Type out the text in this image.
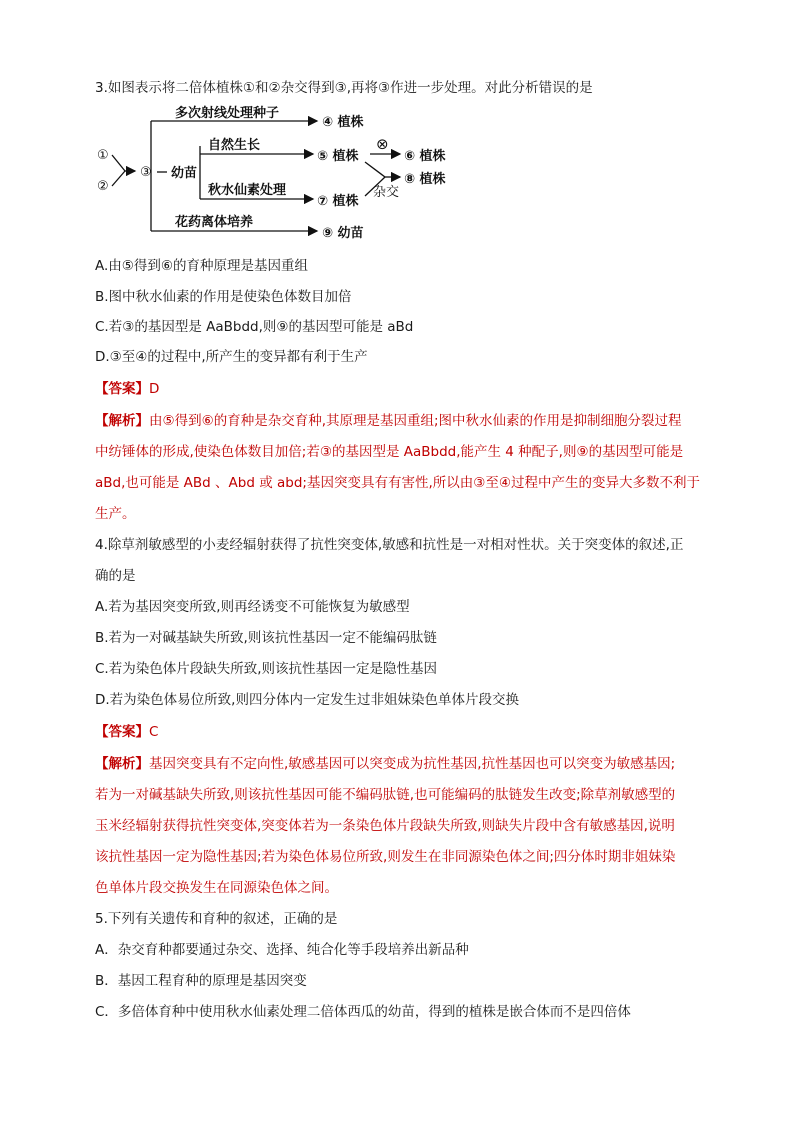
3.如图表示将二倍体植株①和②杂交得到③,再将③作进一步处理。对此分析错误的是
①
②
③ 幼苗
多次射线处理种子
④ 植株
自然生长
⑤ 植株
⊗
⑥ 植株
秋水仙素处理
⑦ 植株
杂交
⑧ 植株
花药离体培养
⑨ 幼苗
A.由⑤得到⑥的育种原理是基因重组
B.图中秋水仙素的作用是使染色体数目加倍
C.若③的基因型是 AaBbdd,则⑨的基因型可能是 aBd
D.③至④的过程中,所产生的变异都有利于生产
【答案】D
【解析】由⑤得到⑥的育种是杂交育种,其原理是基因重组;图中秋水仙素的作用是抑制细胞分裂过程
中纺锤体的形成,使染色体数目加倍;若③的基因型是 AaBbdd,能产生 4 种配子,则⑨的基因型可能是
aBd,也可能是 ABd 、Abd 或 abd;基因突变具有有害性,所以由③至④过程中产生的变异大多数不利于
生产。
4.除草剂敏感型的小麦经辐射获得了抗性突变体,敏感和抗性是一对相对性状。关于突变体的叙述,正
确的是
A.若为基因突变所致,则再经诱变不可能恢复为敏感型
B.若为一对碱基缺失所致,则该抗性基因一定不能编码肽链
C.若为染色体片段缺失所致,则该抗性基因一定是隐性基因
D.若为染色体易位所致,则四分体内一定发生过非姐妹染色单体片段交换
【答案】C
【解析】基因突变具有不定向性,敏感基因可以突变成为抗性基因,抗性基因也可以突变为敏感基因;
若为一对碱基缺失所致,则该抗性基因可能不编码肽链,也可能编码的肽链发生改变;除草剂敏感型的
玉米经辐射获得抗性突变体,突变体若为一条染色体片段缺失所致,则缺失片段中含有敏感基因,说明
该抗性基因一定为隐性基因;若为染色体易位所致,则发生在非同源染色体之间;四分体时期非姐妹染
色单体片段交换发生在同源染色体之间。
5.下列有关遗传和育种的叙述，正确的是
A．杂交育种都要通过杂交、选择、纯合化等手段培养出新品种
B．基因工程育种的原理是基因突变
C．多倍体育种中使用秋水仙素处理二倍体西瓜的幼苗，得到的植株是嵌合体而不是四倍体
